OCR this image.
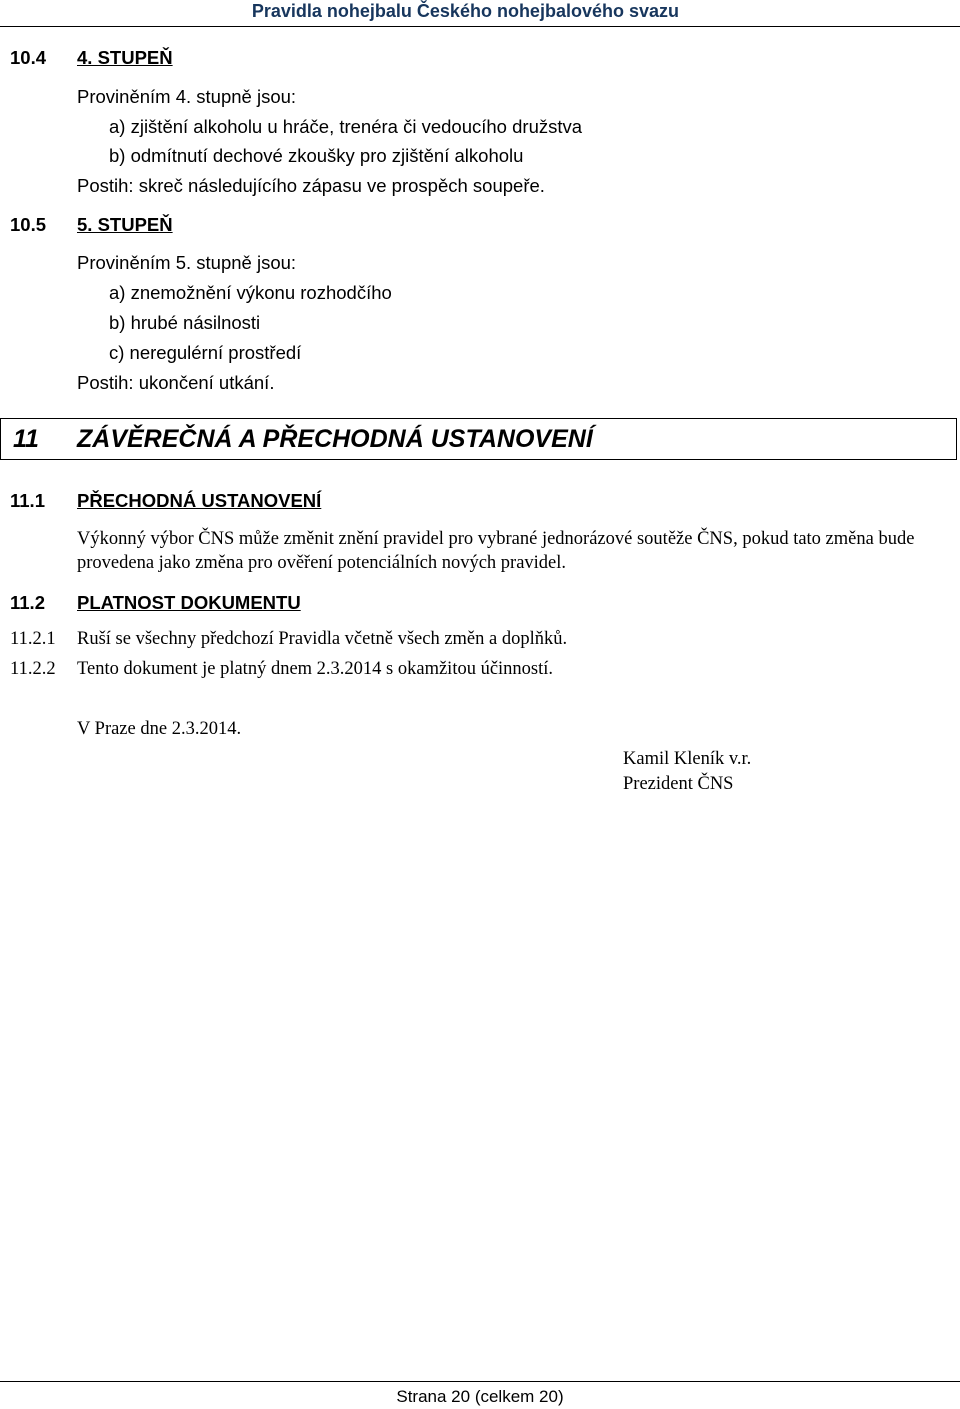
Pravidla nohejbalu Českého nohejbalového svazu
10.4 4. STUPEŇ
Proviněním 4. stupně jsou:
a) zjištění alkoholu u hráče, trenéra či vedoucího družstva
b) odmítnutí dechové zkoušky pro zjištění alkoholu
Postih: skreč následujícího zápasu ve prospěch soupeře.
10.5 5. STUPEŇ
Proviněním 5. stupně jsou:
a) znemožnění výkonu rozhodčího
b) hrubé násilnosti
c) neregulérní prostředí
Postih: ukončení utkání.
11 ZÁVĚREČNÁ A PŘECHODNÁ USTANOVENÍ
11.1 PŘECHODNÁ USTANOVENÍ
Výkonný výbor ČNS může změnit znění pravidel pro vybrané jednorázové soutěže ČNS, pokud tato změna bude provedena jako změna pro ověření potenciálních nových pravidel.
11.2 PLATNOST DOKUMENTU
11.2.1 Ruší se všechny předchozí Pravidla včetně všech změn a doplňků.
11.2.2 Tento dokument je platný dnem 2.3.2014 s okamžitou účinností.
V Praze dne 2.3.2014.
Kamil Kleník v.r.
Prezident ČNS
Strana 20 (celkem 20)
